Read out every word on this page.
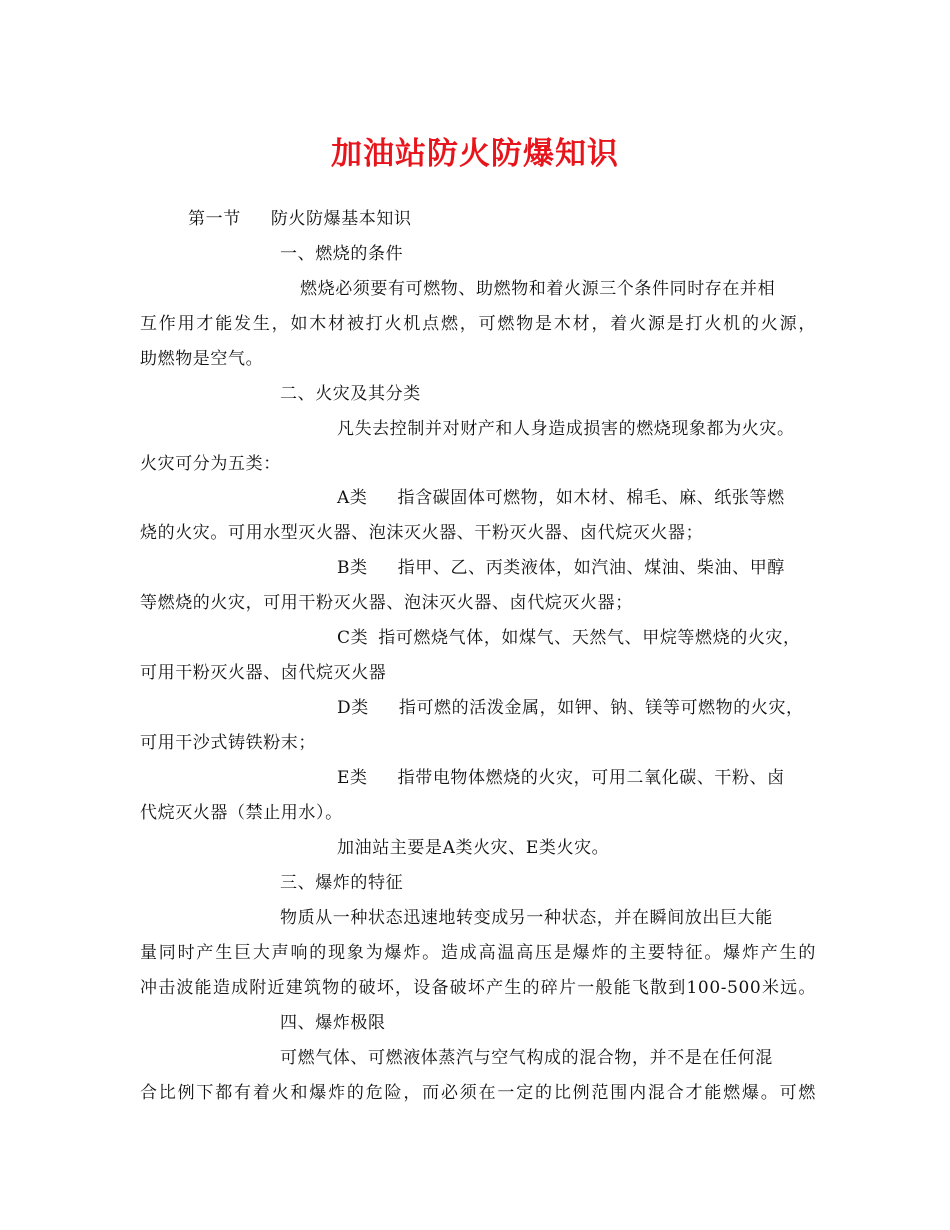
加油站防火防爆知识
第一节 防火防爆基本知识
一、燃烧的条件
燃烧必须要有可燃物、助燃物和着火源三个条件同时存在并相
互作用才能发生，如木材被打火机点燃，可燃物是木材，着火源是打火机的火源，
助燃物是空气。
二、火灾及其分类
凡失去控制并对财产和人身造成损害的燃烧现象都为火灾。
火灾可分为五类：
A类 指含碳固体可燃物，如木材、棉毛、麻、纸张等燃
烧的火灾。可用水型灭火器、泡沫灭火器、干粉灭火器、卤代烷灭火器；
B类 指甲、乙、丙类液体，如汽油、煤油、柴油、甲醇
等燃烧的火灾，可用干粉灭火器、泡沫灭火器、卤代烷灭火器；
C类 指可燃烧气体，如煤气、天然气、甲烷等燃烧的火灾，
可用干粉灭火器、卤代烷灭火器
D类 指可燃的活泼金属，如钾、钠、镁等可燃物的火灾，
可用干沙式铸铁粉末；
E类 指带电物体燃烧的火灾，可用二氧化碳、干粉、卤
代烷灭火器（禁止用水）。
加油站主要是A类火灾、E类火灾。
三、爆炸的特征
物质从一种状态迅速地转变成另一种状态，并在瞬间放出巨大能
量同时产生巨大声响的现象为爆炸。造成高温高压是爆炸的主要特征。爆炸产生的
冲击波能造成附近建筑物的破坏，设备破坏产生的碎片一般能飞散到100-500米远。
四、爆炸极限
可燃气体、可燃液体蒸汽与空气构成的混合物，并不是在任何混
合比例下都有着火和爆炸的危险，而必须在一定的比例范围内混合才能燃爆。可燃
